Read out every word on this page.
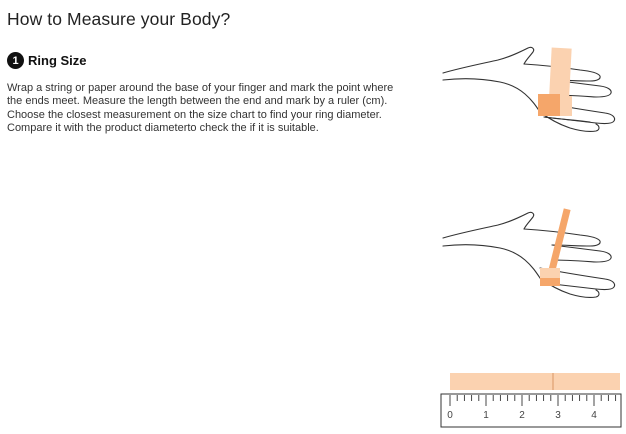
How to Measure your Body?
1 Ring Size
Wrap a string or paper around the base of your finger and mark the point where the ends meet. Measure the length between the end and mark by a ruler (cm). Choose the closest measurement on the size chart to find your ring diameter. Compare it with the product diameterto check the if it is suitable.
0	1	2	3	4
